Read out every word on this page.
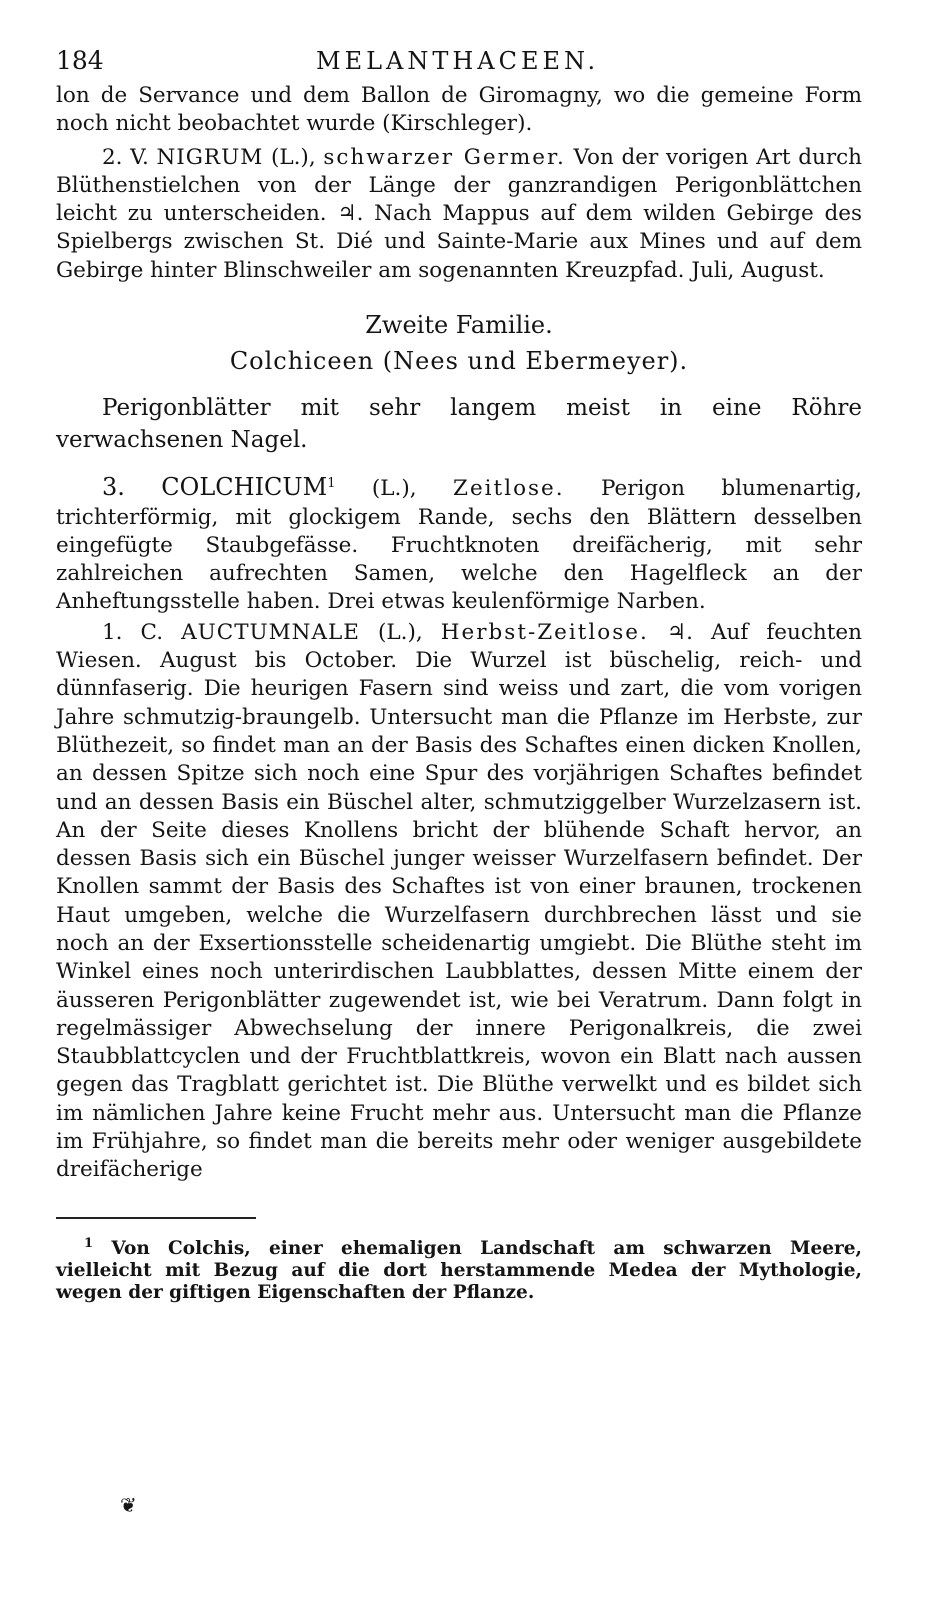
184	MELANTHACEEN.

lon de Servance und dem Ballon de Giromagny, wo die gemeine Form noch nicht beobachtet wurde (Kirschleger).

2. V. NIGRUM (L.), schwarzer Germer. Von der vorigen Art durch Blüthenstielchen von der Länge der ganzrandigen Perigonblättchen leicht zu unterscheiden. ♃. Nach Mappus auf dem wilden Gebirge des Spielbergs zwischen St. Dié und Sainte-Marie aux Mines und auf dem Gebirge hinter Blinschweiler am sogenannten Kreuzpfad. Juli, August.

Zweite Familie.

Colchiceen (Nees und Ebermeyer).

Perigonblätter mit sehr langem meist in eine Röhre verwachsenen Nagel.

3. COLCHICUM$^1$ (L.), Zeitlose. Perigon blumenartig, trichterförmig, mit glockigem Rande, sechs den Blättern desselben eingefügte Staubgefässe. Fruchtknoten dreifächerig, mit sehr zahlreichen aufrechten Samen, welche den Hagelfleck an der Anheftungsstelle haben. Drei etwas keulenförmige Narben.

1. C. AUCTUMNALE (L.), Herbst-Zeitlose. ♃. Auf feuchten Wiesen. August bis October. Die Wurzel ist büschelig, reich- und dünnfaserig. Die heurigen Fasern sind weiss und zart, die vom vorigen Jahre schmutzig-braungelb. Untersucht man die Pflanze im Herbste, zur Blüthezeit, so findet man an der Basis des Schaftes einen dicken Knollen, an dessen Spitze sich noch eine Spur des vorjährigen Schaftes befindet und an dessen Basis ein Büschel alter, schmutziggelber Wurzelzasern ist. An der Seite dieses Knollens bricht der blühende Schaft hervor, an dessen Basis sich ein Büschel junger weisser Wurzelfasern befindet. Der Knollen sammt der Basis des Schaftes ist von einer braunen, trockenen Haut umgeben, welche die Wurzelfasern durchbrechen lässt und sie noch an der Exsertionsstelle scheidenartig umgiebt. Die Blüthe steht im Winkel eines noch unterirdischen Laubblattes, dessen Mitte einem der äusseren Perigonblätter zugewendet ist, wie bei Veratrum. Dann folgt in regelmässiger Abwechselung der innere Perigonalkreis, die zwei Staubblattcyclen und der Fruchtblattkreis, wovon ein Blatt nach aussen gegen das Tragblatt gerichtet ist. Die Blüthe verwelkt und es bildet sich im nämlichen Jahre keine Frucht mehr aus. Untersucht man die Pflanze im Frühjahre, so findet man die bereits mehr oder weniger ausgebildete dreifächerige

$^1$ Von Colchis, einer ehemaligen Landschaft am schwarzen Meere, vielleicht mit Bezug auf die dort herstammende Medea der Mythologie, wegen der giftigen Eigenschaften der Pflanze.

❦
